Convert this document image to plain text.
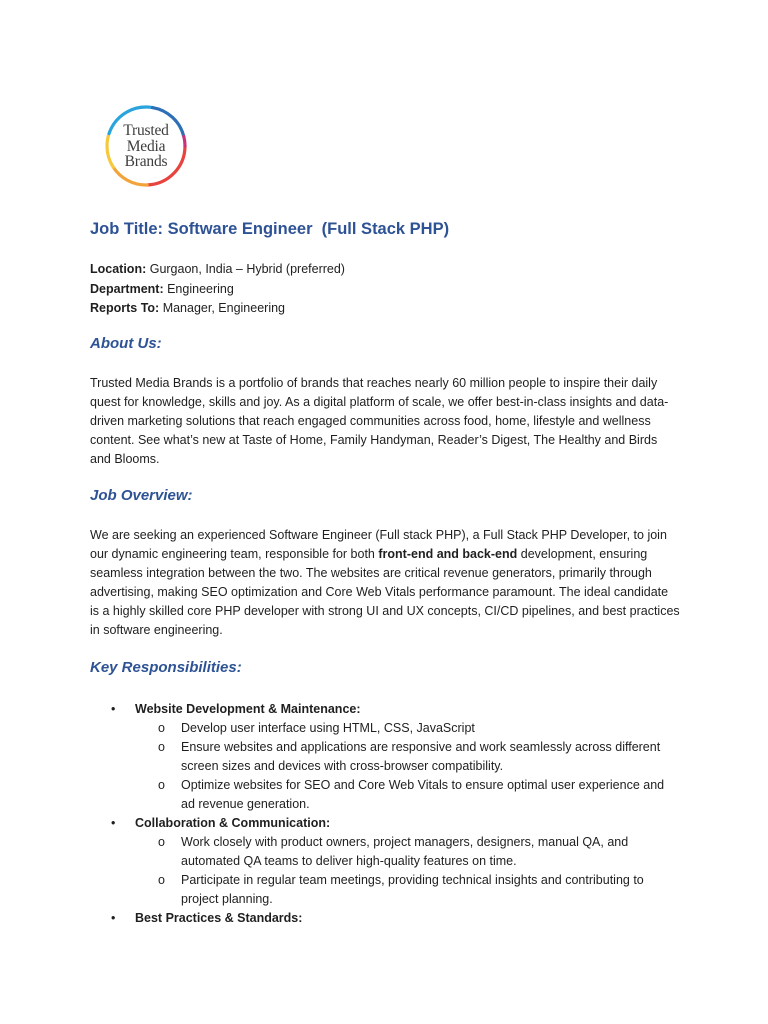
Trusted
Media
Brands
Job Title: Software Engineer  (Full Stack PHP)
Location: Gurgaon, India – Hybrid (preferred)
Department: Engineering
Reports To: Manager, Engineering
About Us:

Trusted Media Brands is a portfolio of brands that reaches nearly 60 million people to inspire their daily
quest for knowledge, skills and joy. As a digital platform of scale, we offer best-in-class insights and data-
driven marketing solutions that reach engaged communities across food, home, lifestyle and wellness
content. See what’s new at Taste of Home, Family Handyman, Reader’s Digest, The Healthy and Birds
and Blooms.

Job Overview:

We are seeking an experienced Software Engineer (Full stack PHP), a Full Stack PHP Developer, to join
our dynamic engineering team, responsible for both front-end and back-end development, ensuring
seamless integration between the two. The websites are critical revenue generators, primarily through
advertising, making SEO optimization and Core Web Vitals performance paramount. The ideal candidate
is a highly skilled core PHP developer with strong UI and UX concepts, CI/CD pipelines, and best practices
in software engineering.

Key Responsibilities:
• Website Development & Maintenance:
o Develop user interface using HTML, CSS, JavaScript
o Ensure websites and applications are responsive and work seamlessly across different
screen sizes and devices with cross-browser compatibility.
o Optimize websites for SEO and Core Web Vitals to ensure optimal user experience and
ad revenue generation.
• Collaboration & Communication:
o Work closely with product owners, project managers, designers, manual QA, and
automated QA teams to deliver high-quality features on time.
o Participate in regular team meetings, providing technical insights and contributing to
project planning.
• Best Practices & Standards:
